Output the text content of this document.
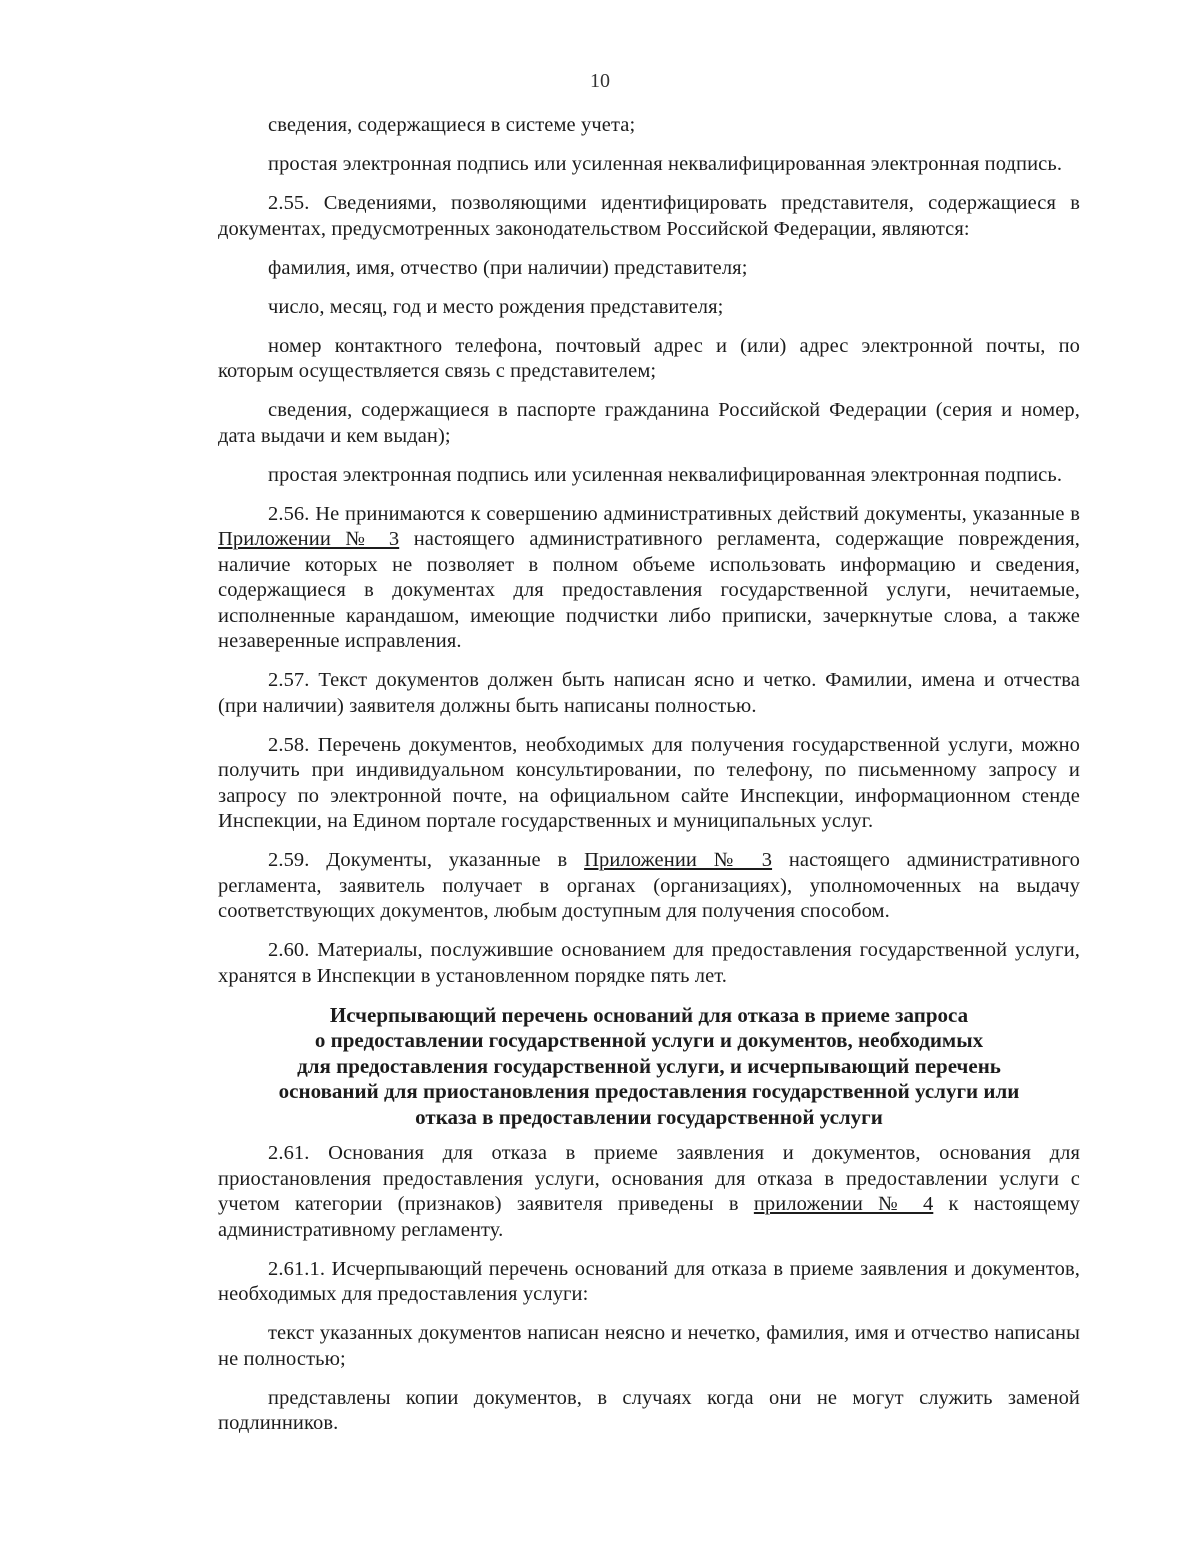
10

сведения, содержащиеся в системе учета;

простая электронная подпись или усиленная неквалифицированная электронная подпись.

2.55. Сведениями, позволяющими идентифицировать представителя, содержащиеся в документах, предусмотренных законодательством Российской Федерации, являются:

фамилия, имя, отчество (при наличии) представителя;

число, месяц, год и место рождения представителя;

номер контактного телефона, почтовый адрес и (или) адрес электронной почты, по которым осуществляется связь с представителем;

сведения, содержащиеся в паспорте гражданина Российской Федерации (серия и номер, дата выдачи и кем выдан);

простая электронная подпись или усиленная неквалифицированная электронная подпись.

2.56. Не принимаются к совершению административных действий документы, указанные в Приложении № 3 настоящего административного регламента, содержащие повреждения, наличие которых не позволяет в полном объеме использовать информацию и сведения, содержащиеся в документах для предоставления государственной услуги, нечитаемые, исполненные карандашом, имеющие подчистки либо приписки, зачеркнутые слова, а также незаверенные исправления.

2.57. Текст документов должен быть написан ясно и четко. Фамилии, имена и отчества (при наличии) заявителя должны быть написаны полностью.

2.58. Перечень документов, необходимых для получения государственной услуги, можно получить при индивидуальном консультировании, по телефону, по письменному запросу и запросу по электронной почте, на официальном сайте Инспекции, информационном стенде Инспекции, на Едином портале государственных и муниципальных услуг.

2.59. Документы, указанные в Приложении № 3 настоящего административного регламента, заявитель получает в органах (организациях), уполномоченных на выдачу соответствующих документов, любым доступным для получения способом.

2.60. Материалы, послужившие основанием для предоставления государственной услуги, хранятся в Инспекции в установленном порядке пять лет.

Исчерпывающий перечень оснований для отказа в приеме запроса
о предоставлении государственной услуги и документов, необходимых
для предоставления государственной услуги, и исчерпывающий перечень
оснований для приостановления предоставления государственной услуги или
отказа в предоставлении государственной услуги

2.61. Основания для отказа в приеме заявления и документов, основания для приостановления предоставления услуги, основания для отказа в предоставлении услуги с учетом категории (признаков) заявителя приведены в приложении № 4 к настоящему административному регламенту.

2.61.1. Исчерпывающий перечень оснований для отказа в приеме заявления и документов, необходимых для предоставления услуги:

текст указанных документов написан неясно и нечетко, фамилия, имя и отчество написаны не полностью;

представлены копии документов, в случаях когда они не могут служить заменой подлинников.
